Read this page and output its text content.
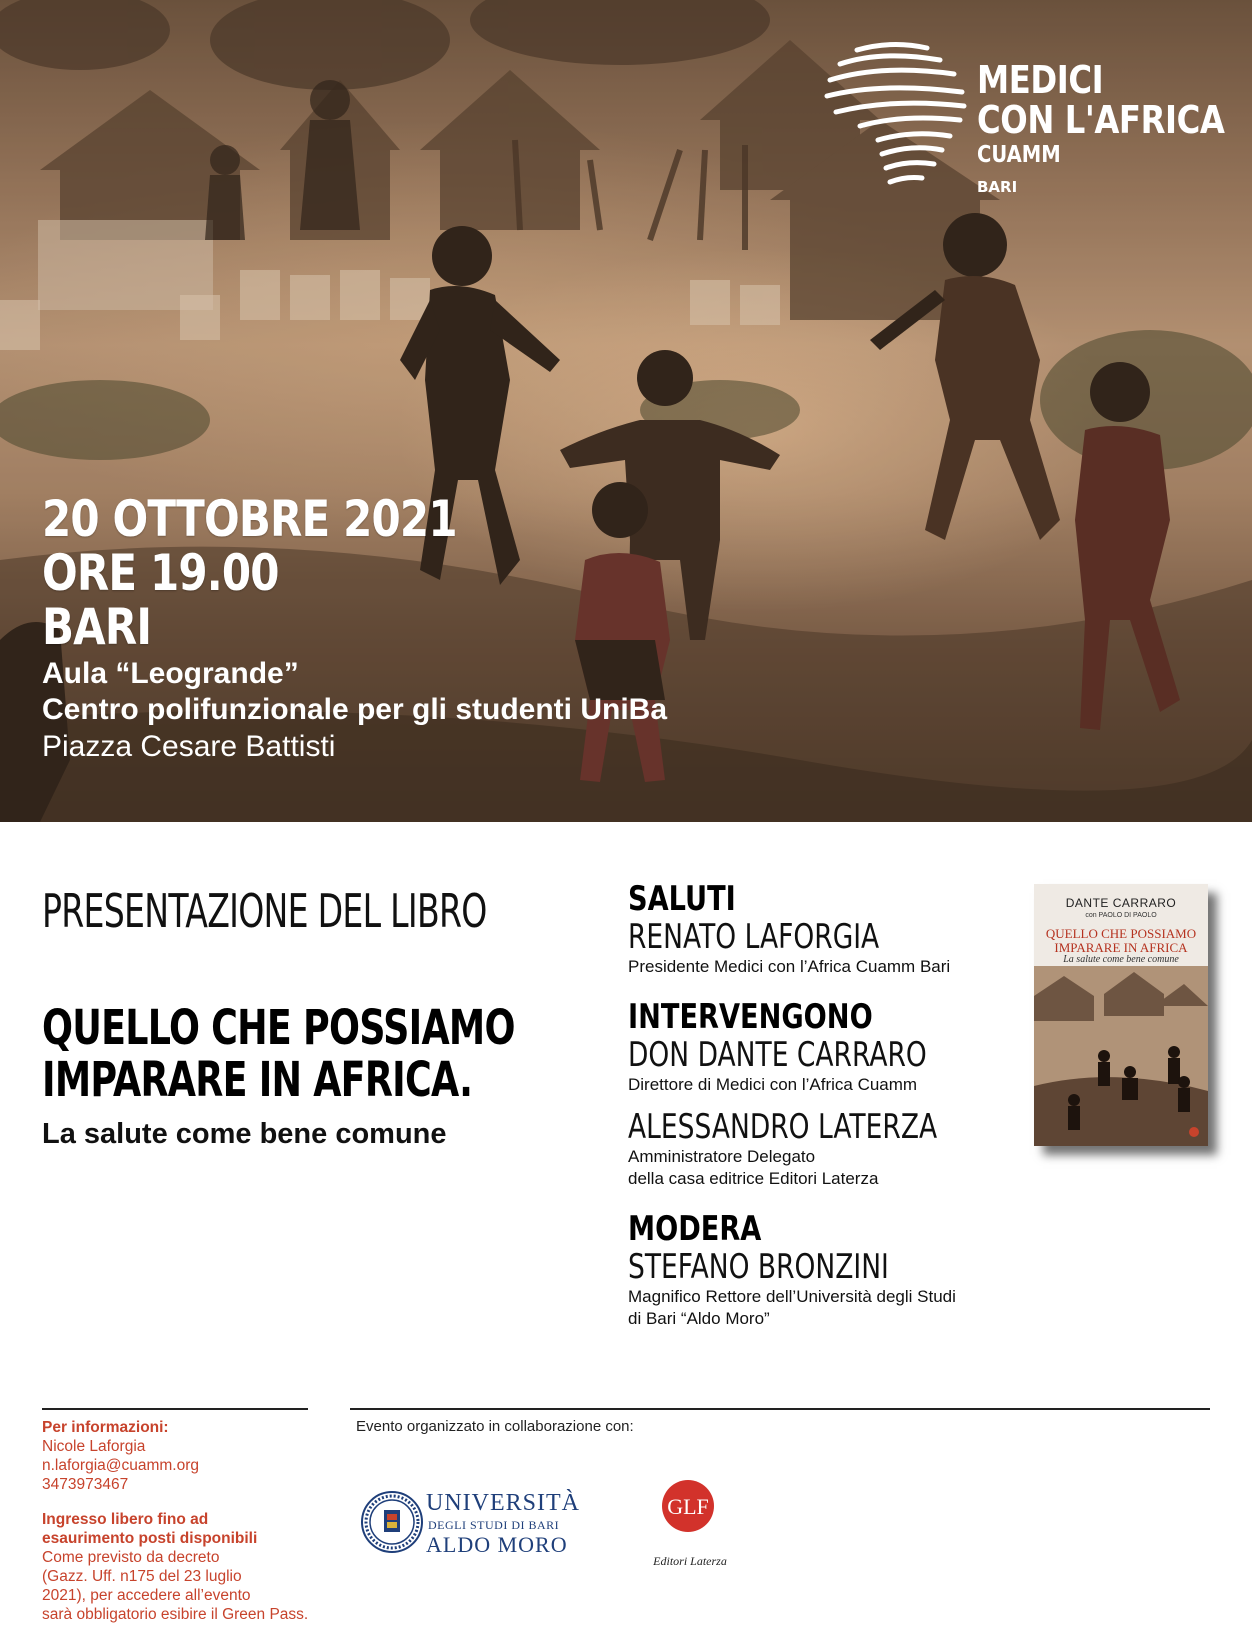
MEDICI
CON L'AFRICA
CUAMM
BARI
20 OTTOBRE 2021
ORE 19.00
BARI
Aula “Leogrande”
Centro polifunzionale per gli studenti UniBa
Piazza Cesare Battisti
PRESENTAZIONE DEL LIBRO
QUELLO CHE POSSIAMO
IMPARARE IN AFRICA.
La salute come bene comune
SALUTI
RENATO LAFORGIA
Presidente Medici con l’Africa Cuamm Bari
INTERVENGONO
DON DANTE CARRARO
Direttore di Medici con l’Africa Cuamm
ALESSANDRO LATERZA
Amministratore Delegato
della casa editrice Editori Laterza
MODERA
STEFANO BRONZINI
Magnifico Rettore dell’Università degli Studi
di Bari “Aldo Moro”
DANTE CARRARO
con PAOLO DI PAOLO
QUELLO CHE POSSIAMO
IMPARARE IN AFRICA
La salute come bene comune
Per informazioni:
Nicole Laforgia
n.laforgia@cuamm.org
3473973467
Ingresso libero fino ad
esaurimento posti disponibili
Come previsto da decreto
(Gazz. Uff. n175 del 23 luglio
2021), per accedere all’evento
sarà obbligatorio esibire il Green Pass.
Evento organizzato in collaborazione con:
UNIVERSITÀ
DEGLI STUDI DI BARI
ALDO MORO
GLF
Editori Laterza
